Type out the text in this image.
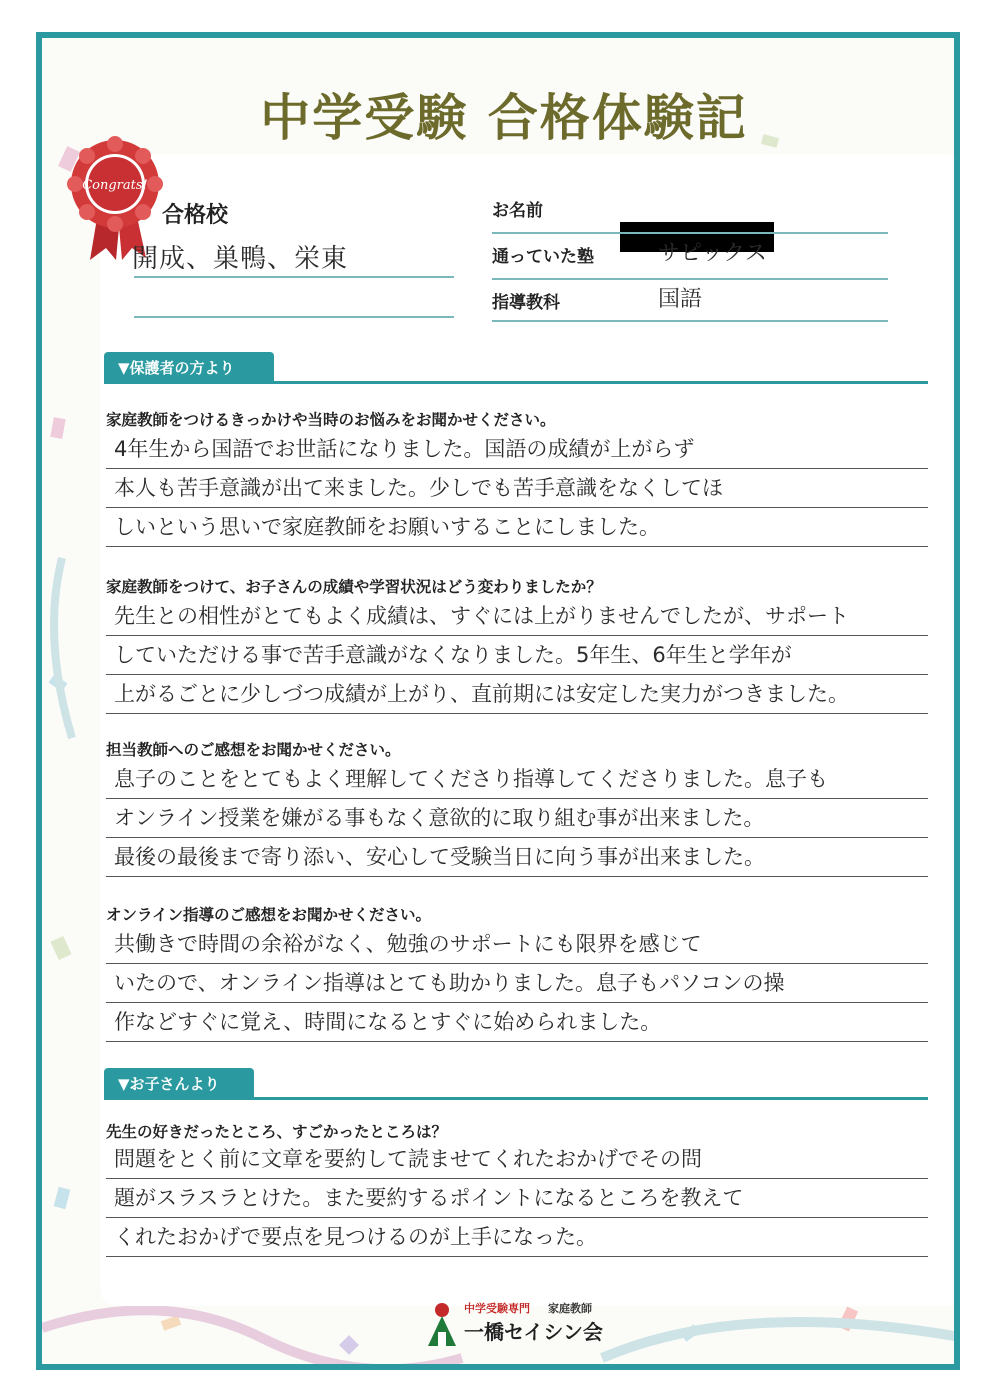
中学受験 合格体験記
Congrats!
合格校
開成、巣鴨、栄東
お名前
通っていた塾	サピックス
指導教科	国語
▼保護者の方より
家庭教師をつけるきっかけや当時のお悩みをお聞かせください。
4年生から国語でお世話になりました。国語の成績が上がらず
本人も苦手意識が出て来ました。少しでも苦手意識をなくしてほ
しいという思いで家庭教師をお願いすることにしました。
家庭教師をつけて、お子さんの成績や学習状況はどう変わりましたか？
先生との相性がとてもよく成績は、すぐには上がりませんでしたが、サポート
していただける事で苦手意識がなくなりました。5年生、6年生と学年が
上がるごとに少しづつ成績が上がり、直前期には安定した実力がつきました。
担当教師へのご感想をお聞かせください。
息子のことをとてもよく理解してくださり指導してくださりました。息子も
オンライン授業を嫌がる事もなく意欲的に取り組む事が出来ました。
最後の最後まで寄り添い、安心して受験当日に向う事が出来ました。
オンライン指導のご感想をお聞かせください。
共働きで時間の余裕がなく、勉強のサポートにも限界を感じて
いたので、オンライン指導はとても助かりました。息子もパソコンの操
作などすぐに覚え、時間になるとすぐに始められました。
▼お子さんより
先生の好きだったところ、すごかったところは？
問題をとく前に文章を要約して読ませてくれたおかげでその問
題がスラスラとけた。また要約するポイントになるところを教えて
くれたおかげで要点を見つけるのが上手になった。
中学受験専門 家庭教師
一橋セイシン会
